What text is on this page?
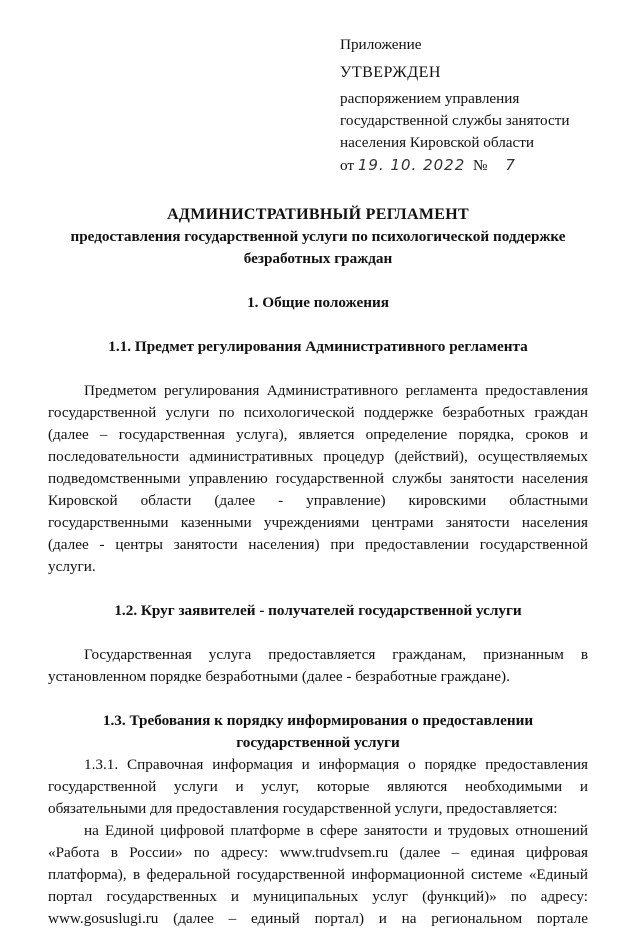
Приложение
УТВЕРЖДЕН
распоряжением управления
государственной службы занятости
населения Кировской области
от 19. 10. 2022 № 7

АДМИНИСТРАТИВНЫЙ РЕГЛАМЕНТ

предоставления государственной услуги по психологической поддержке

безработных граждан

1. Общие положения

1.1. Предмет регулирования Административного регламента

Предметом регулирования Административного регламента предоставления государственной услуги по психологической поддержке безработных граждан (далее – государственная услуга), является определение порядка, сроков и последовательности административных процедур (действий), осуществляемых подведомственными управлению государственной службы занятости населения Кировской области (далее - управление) кировскими областными государственными казенными учреждениями центрами занятости населения (далее - центры занятости населения) при предоставлении государственной услуги.

1.2. Круг заявителей - получателей государственной услуги

Государственная услуга предоставляется гражданам, признанным в установленном порядке безработными (далее - безработные граждане).

1.3. Требования к порядку информирования о предоставлении

государственной услуги

1.3.1. Справочная информация и информация о порядке предоставления государственной услуги и услуг, которые являются необходимыми и обязательными для предоставления государственной услуги, предоставляется:

на Единой цифровой платформе в сфере занятости и трудовых отношений «Работа в России» по адресу: www.trudvsem.ru (далее – единая цифровая платформа), в федеральной государственной информационной системе «Единый портал государственных и муниципальных услуг (функций)» по адресу: www.gosuslugi.ru (далее – единый портал) и на региональном портале
